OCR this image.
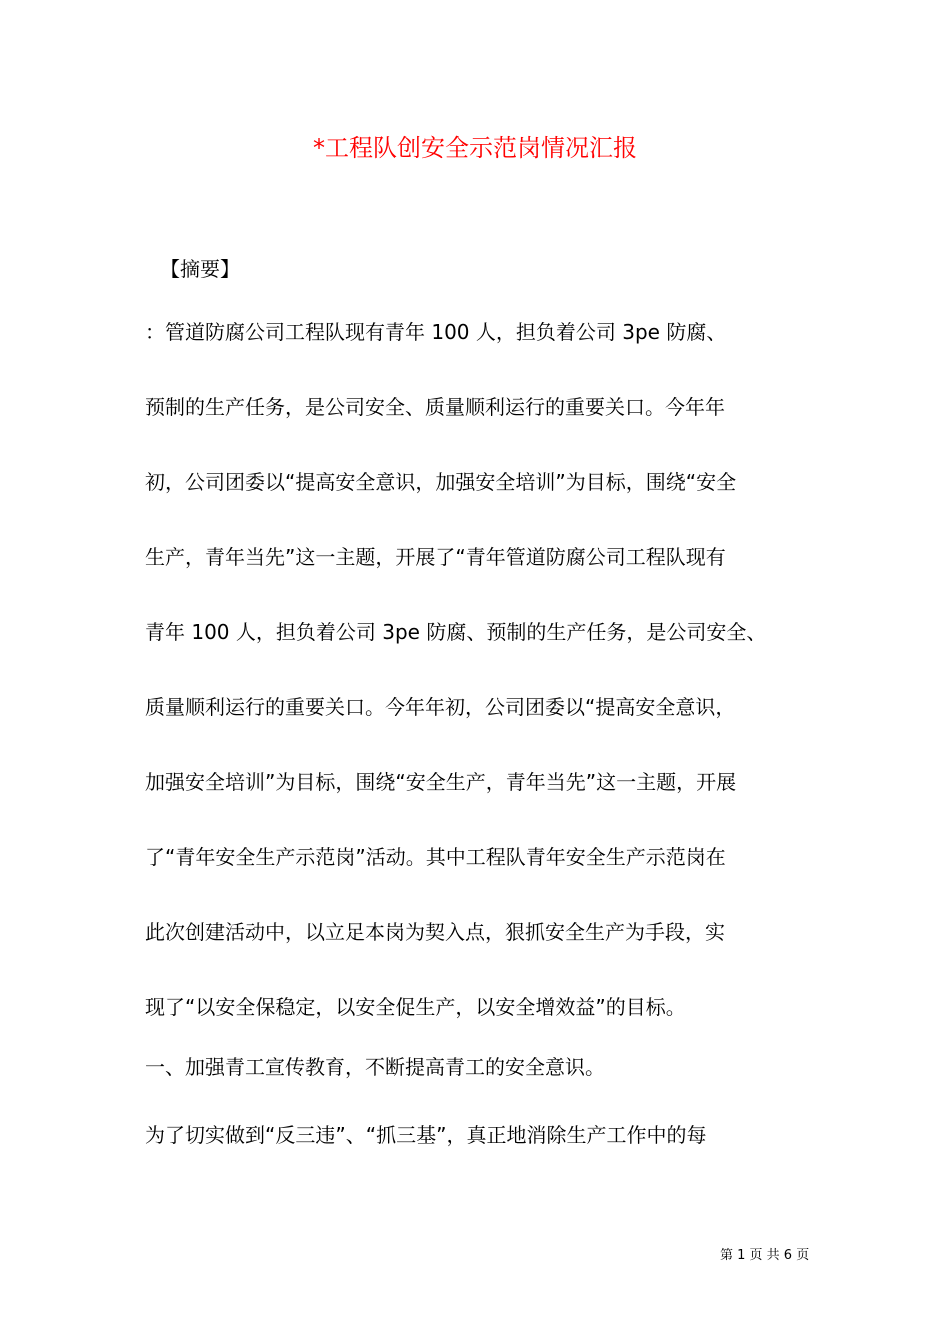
*工程队创安全示范岗情况汇报

【摘要】

：管道防腐公司工程队现有青年 100 人，担负着公司 3pe 防腐、

预制的生产任务，是公司安全、质量顺利运行的重要关口。今年年

初，公司团委以“提高安全意识，加强安全培训”为目标，围绕“安全

生产，青年当先”这一主题，开展了“青年管道防腐公司工程队现有

青年 100 人，担负着公司 3pe 防腐、预制的生产任务，是公司安全、

质量顺利运行的重要关口。今年年初，公司团委以“提高安全意识，

加强安全培训”为目标，围绕“安全生产，青年当先”这一主题，开展

了“青年安全生产示范岗”活动。其中工程队青年安全生产示范岗在

此次创建活动中，以立足本岗为契入点，狠抓安全生产为手段，实

现了“以安全保稳定，以安全促生产，以安全增效益”的目标。

一、加强青工宣传教育，不断提高青工的安全意识。

为了切实做到“反三违”、“抓三基”，真正地消除生产工作中的每

第 1 页 共 6 页
